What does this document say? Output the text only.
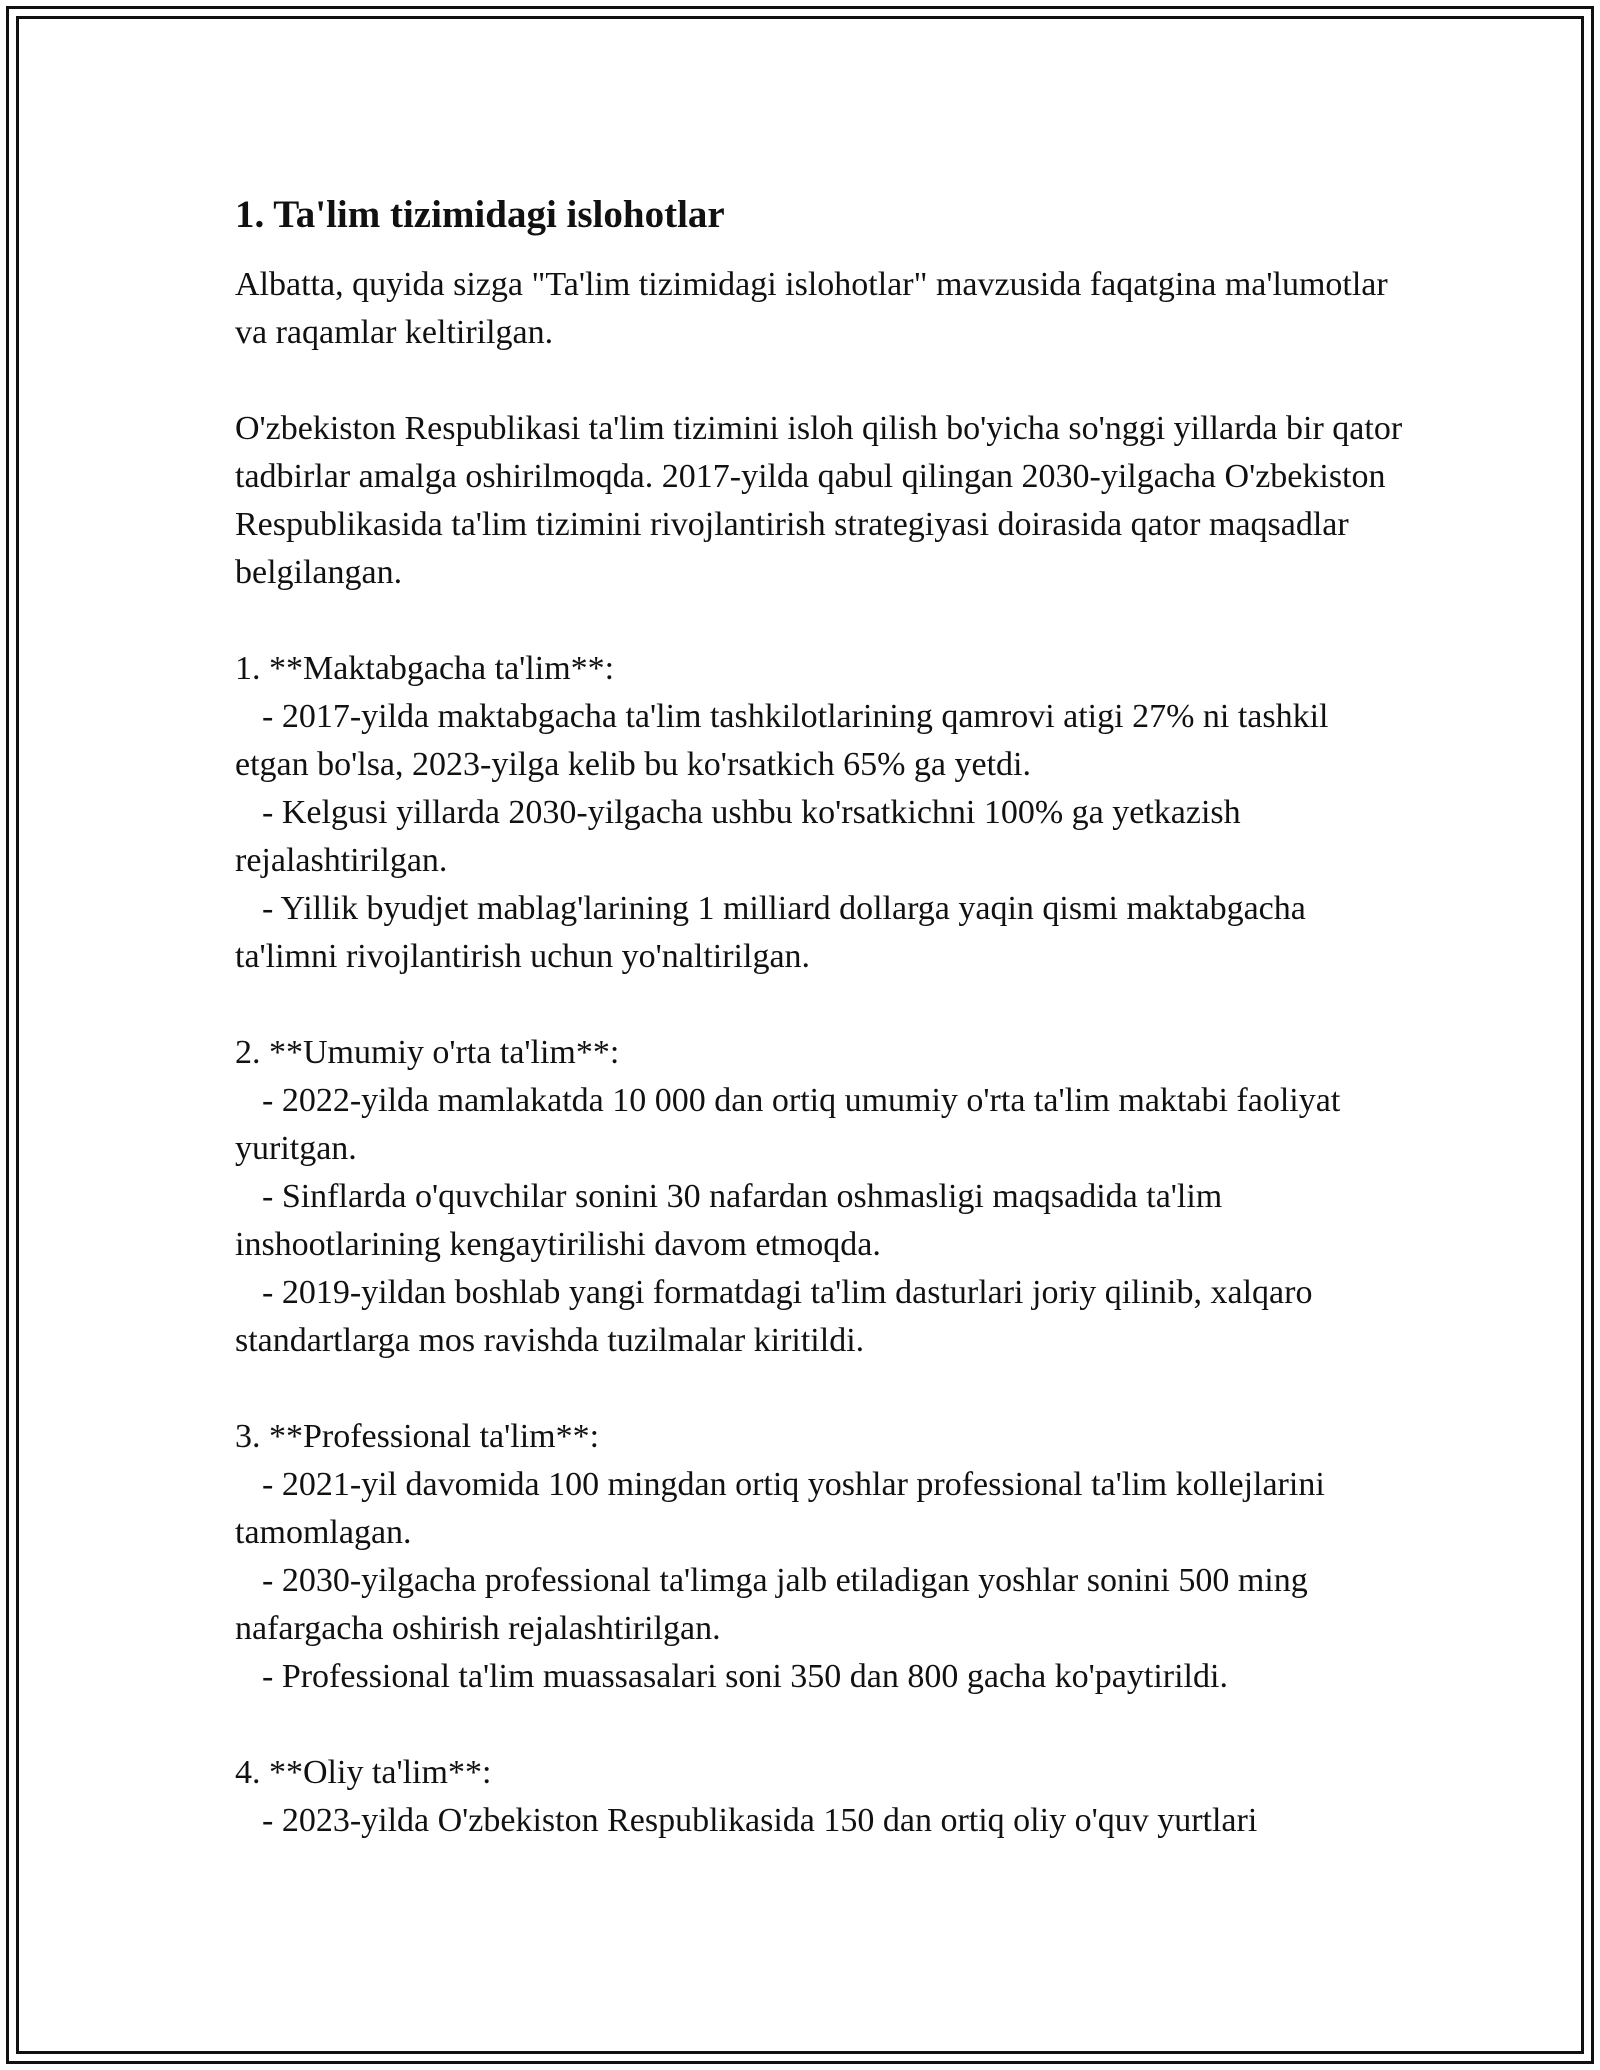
1. Ta'lim tizimidagi islohotlar

Albatta, quyida sizga "Ta'lim tizimidagi islohotlar" mavzusida faqatgina ma'lumotlar va raqamlar keltirilgan.

O'zbekiston Respublikasi ta'lim tizimini isloh qilish bo'yicha so'nggi yillarda bir qator tadbirlar amalga oshirilmoqda. 2017-yilda qabul qilingan 2030-yilgacha O'zbekiston Respublikasida ta'lim tizimini rivojlantirish strategiyasi doirasida qator maqsadlar belgilangan.

1. **Maktabgacha ta'lim**:

- 2017-yilda maktabgacha ta'lim tashkilotlarining qamrovi atigi 27% ni tashkil etgan bo'lsa, 2023-yilga kelib bu ko'rsatkich 65% ga yetdi.

- Kelgusi yillarda 2030-yilgacha ushbu ko'rsatkichni 100% ga yetkazish rejalashtirilgan.

- Yillik byudjet mablag'larining 1 milliard dollarga yaqin qismi maktabgacha ta'limni rivojlantirish uchun yo'naltirilgan.

2. **Umumiy o'rta ta'lim**:

- 2022-yilda mamlakatda 10 000 dan ortiq umumiy o'rta ta'lim maktabi faoliyat yuritgan.

- Sinflarda o'quvchilar sonini 30 nafardan oshmasligi maqsadida ta'lim inshootlarining kengaytirilishi davom etmoqda.

- 2019-yildan boshlab yangi formatdagi ta'lim dasturlari joriy qilinib, xalqaro standartlarga mos ravishda tuzilmalar kiritildi.

3. **Professional ta'lim**:

- 2021-yil davomida 100 mingdan ortiq yoshlar professional ta'lim kollejlarini tamomlagan.

- 2030-yilgacha professional ta'limga jalb etiladigan yoshlar sonini 500 ming nafargacha oshirish rejalashtirilgan.

- Professional ta'lim muassasalari soni 350 dan 800 gacha ko'paytirildi.

4. **Oliy ta'lim**:

- 2023-yilda O'zbekiston Respublikasida 150 dan ortiq oliy o'quv yurtlari
